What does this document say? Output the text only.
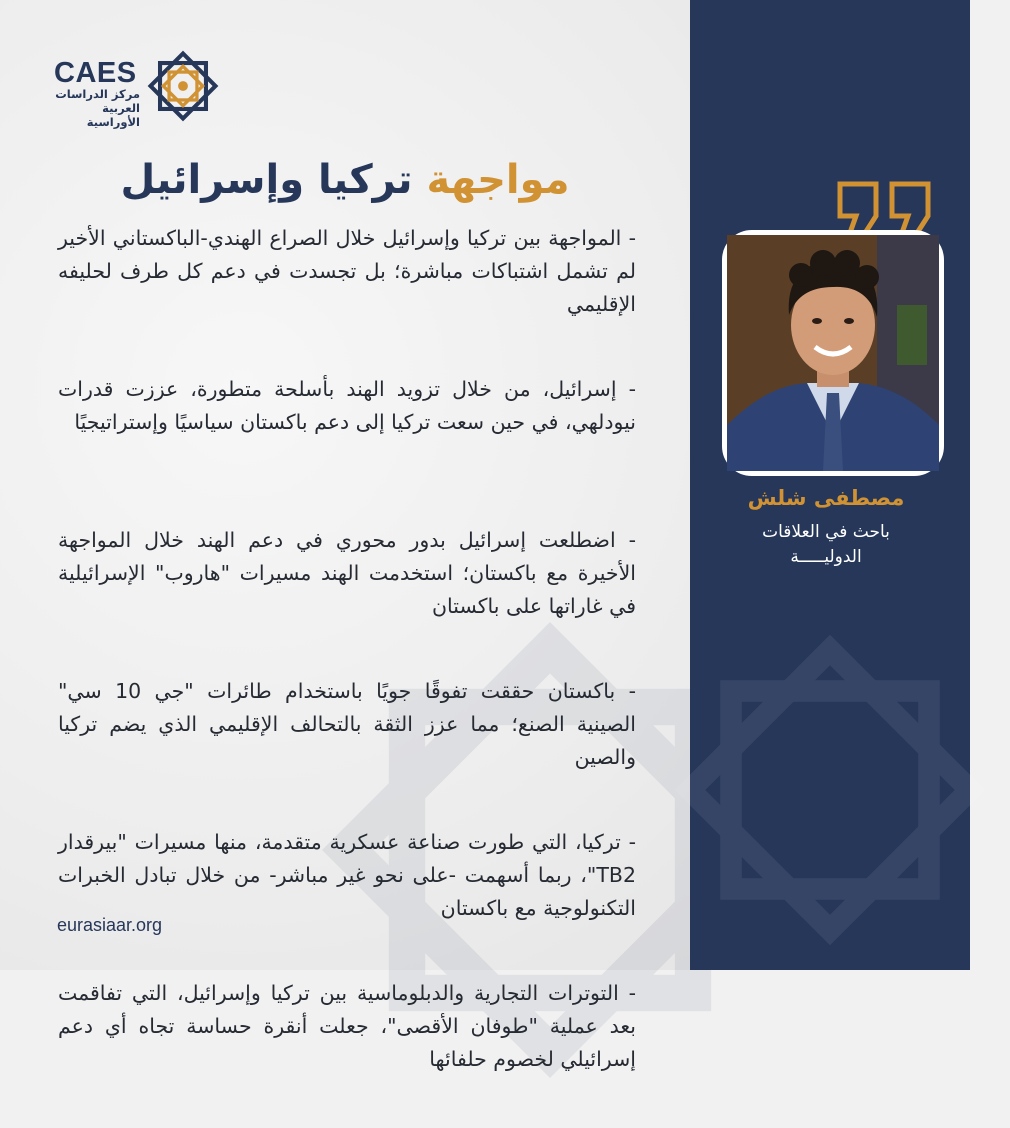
CAES
مركز الدراسات
العربية الأوراسية
مواجهة تركيا وإسرائيل

- المواجهة بين تركيا وإسرائيل خلال الصراع الهندي-الباكستاني الأخير لم تشمل اشتباكات مباشرة؛ بل تجسدت في دعم كل طرف لحليفه الإقليمي

- إسرائيل، من خلال تزويد الهند بأسلحة متطورة، عززت قدرات نيودلهي، في حين سعت تركيا إلى دعم باكستان سياسيًا وإستراتيجيًا

- اضطلعت إسرائيل بدور محوري في دعم الهند خلال المواجهة الأخيرة مع باكستان؛ استخدمت الهند مسيرات "هاروب" الإسرائيلية في غاراتها على باكستان

- باكستان حققت تفوقًا جويًا باستخدام طائرات "جي 10 سي" الصينية الصنع؛ مما عزز الثقة بالتحالف الإقليمي الذي يضم تركيا والصين

- تركيا، التي طورت صناعة عسكرية متقدمة، منها مسيرات "بيرقدار TB2"، ربما أسهمت -على نحو غير مباشر- من خلال تبادل الخبرات التكنولوجية مع باكستان

- التوترات التجارية والدبلوماسية بين تركيا وإسرائيل، التي تفاقمت بعد عملية "طوفان الأقصى"، جعلت أنقرة حساسة تجاه أي دعم إسرائيلي لخصوم حلفائها

eurasiaar.org
مصطفى شلش
باحث في العلاقات
الدوليـــــة
